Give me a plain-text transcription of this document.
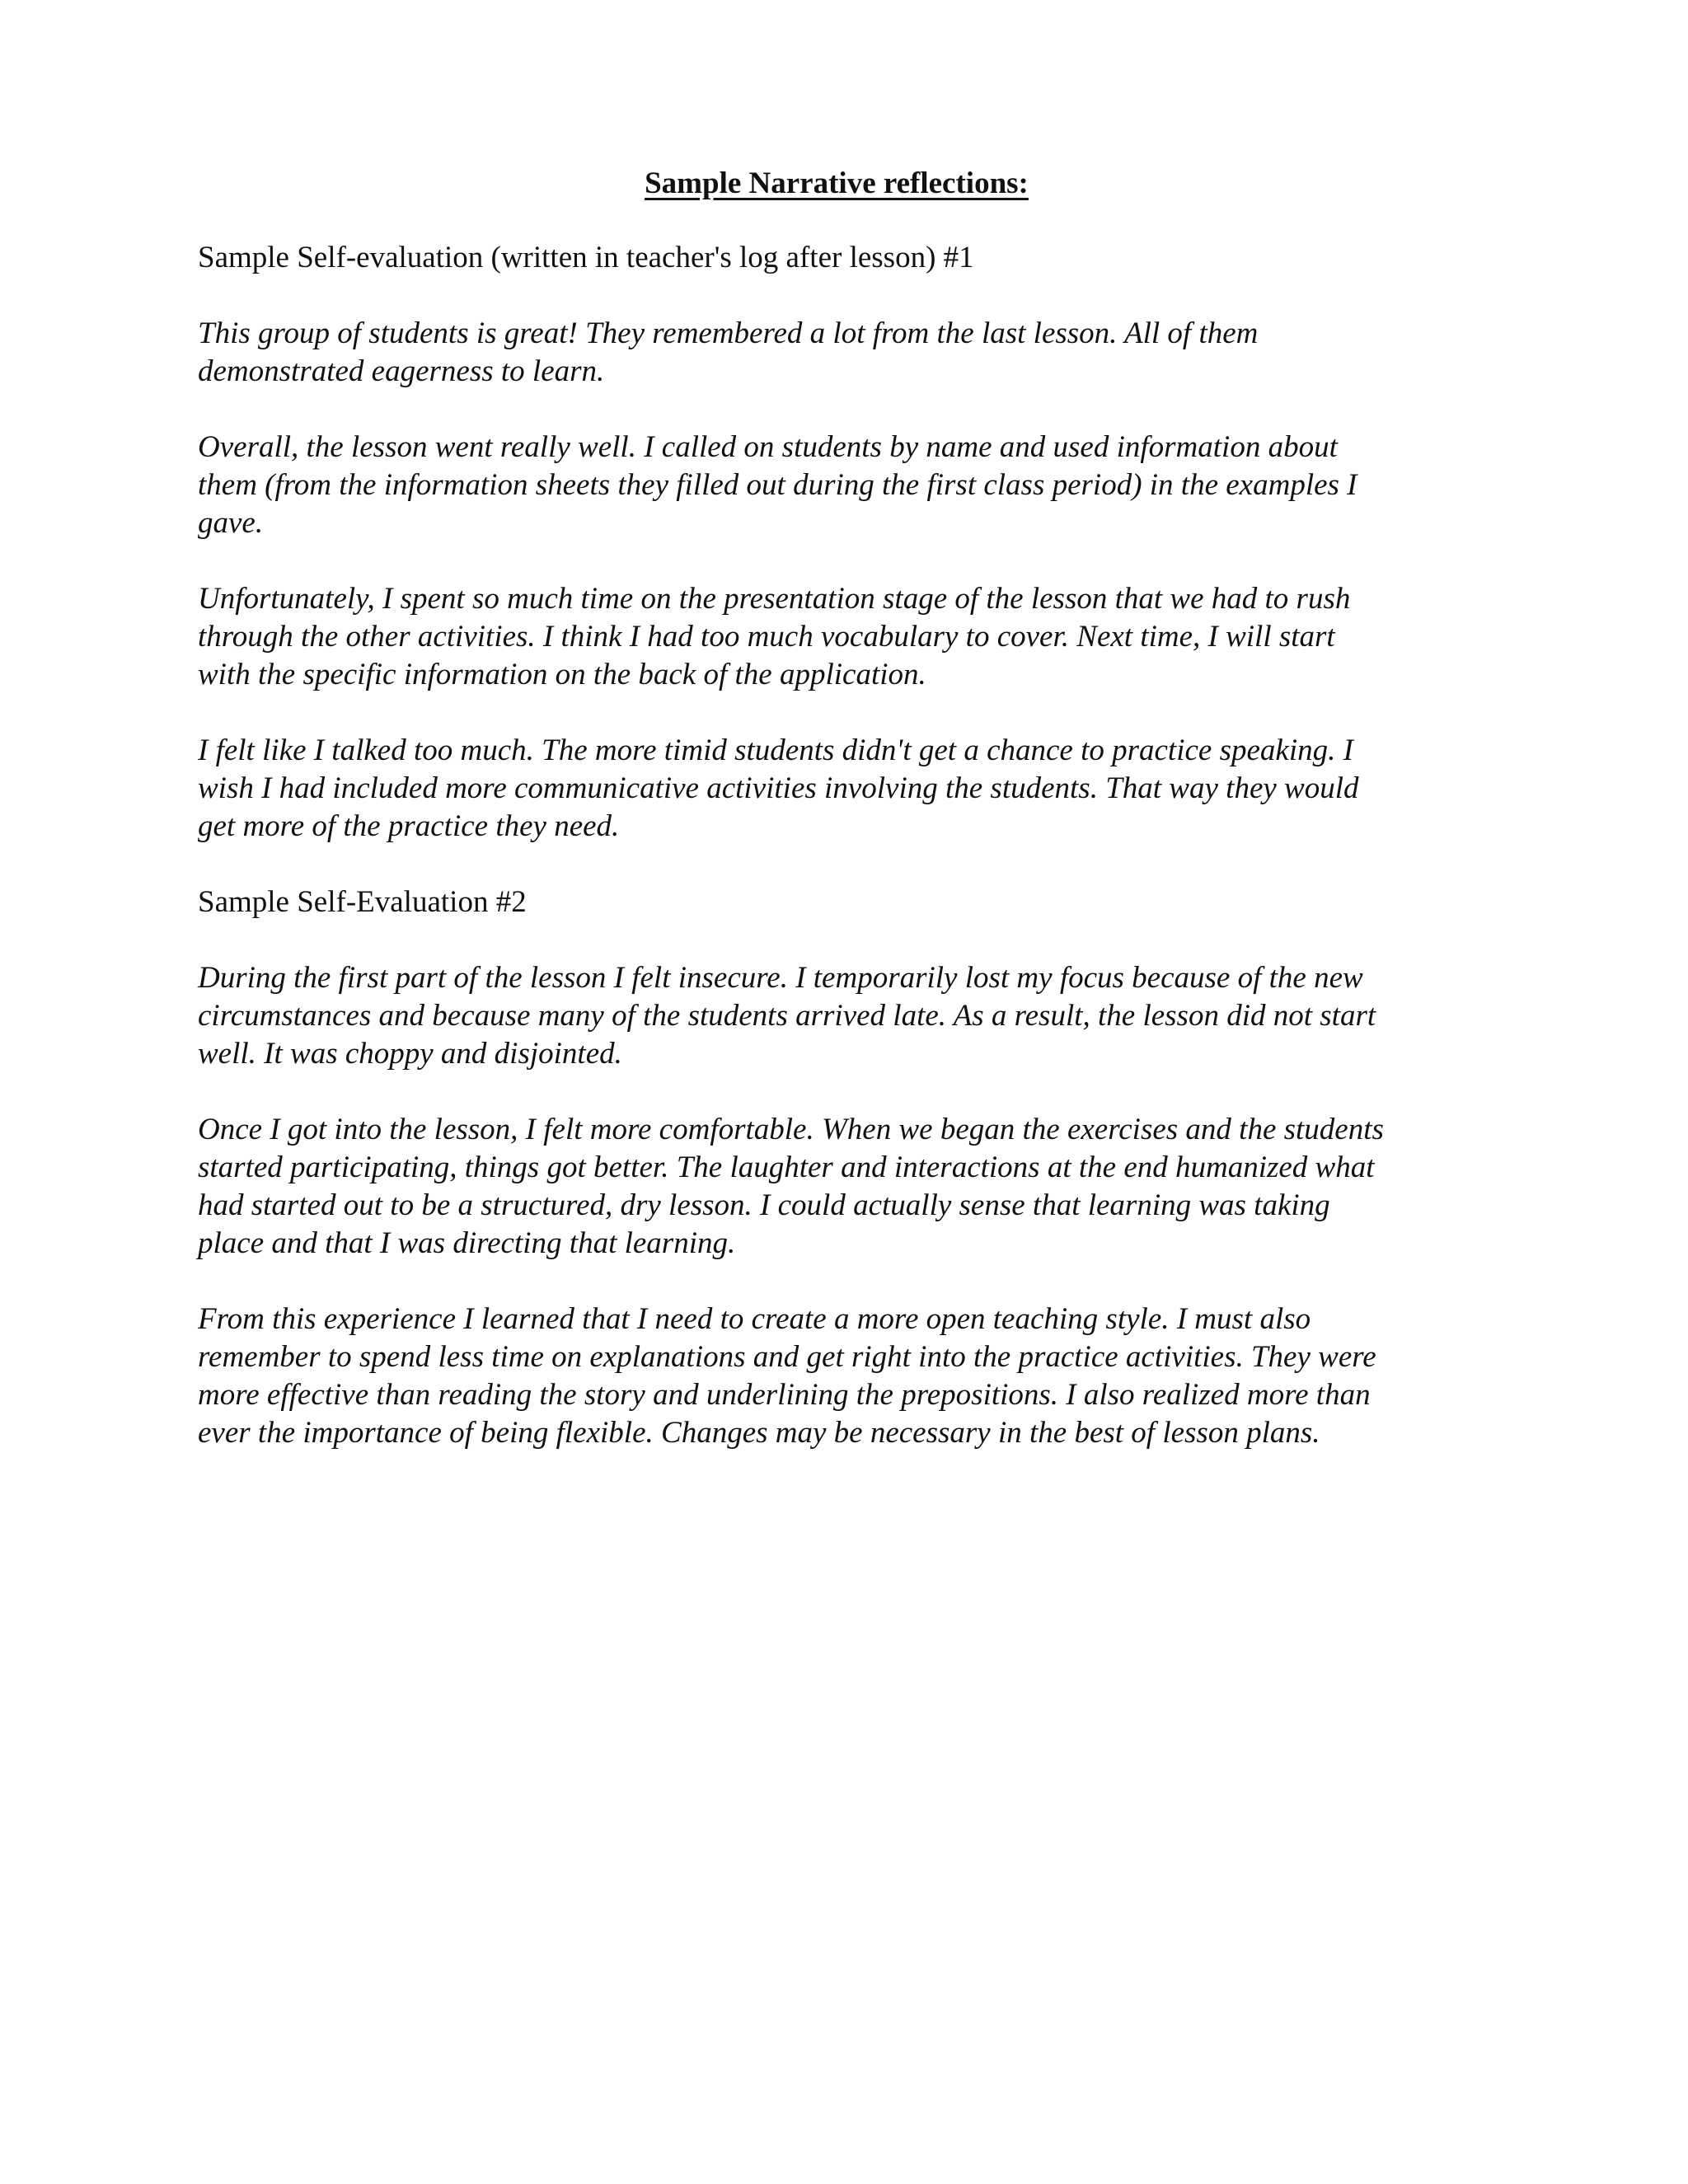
Sample Narrative reflections:
Sample Self-evaluation (written in teacher's log after lesson) #1
This group of students is great! They remembered a lot from the last lesson. All of them
demonstrated eagerness to learn.
Overall, the lesson went really well. I called on students by name and used information about
them (from the information sheets they filled out during the first class period) in the examples I
gave.
Unfortunately, I spent so much time on the presentation stage of the lesson that we had to rush
through the other activities. I think I had too much vocabulary to cover. Next time, I will start
with the specific information on the back of the application.
I felt like I talked too much. The more timid students didn't get a chance to practice speaking. I
wish I had included more communicative activities involving the students. That way they would
get more of the practice they need.
Sample Self-Evaluation #2
During the first part of the lesson I felt insecure. I temporarily lost my focus because of the new
circumstances and because many of the students arrived late. As a result, the lesson did not start
well. It was choppy and disjointed.
Once I got into the lesson, I felt more comfortable. When we began the exercises and the students
started participating, things got better. The laughter and interactions at the end humanized what
had started out to be a structured, dry lesson. I could actually sense that learning was taking
place and that I was directing that learning.
From this experience I learned that I need to create a more open teaching style. I must also
remember to spend less time on explanations and get right into the practice activities. They were
more effective than reading the story and underlining the prepositions. I also realized more than
ever the importance of being flexible. Changes may be necessary in the best of lesson plans.
